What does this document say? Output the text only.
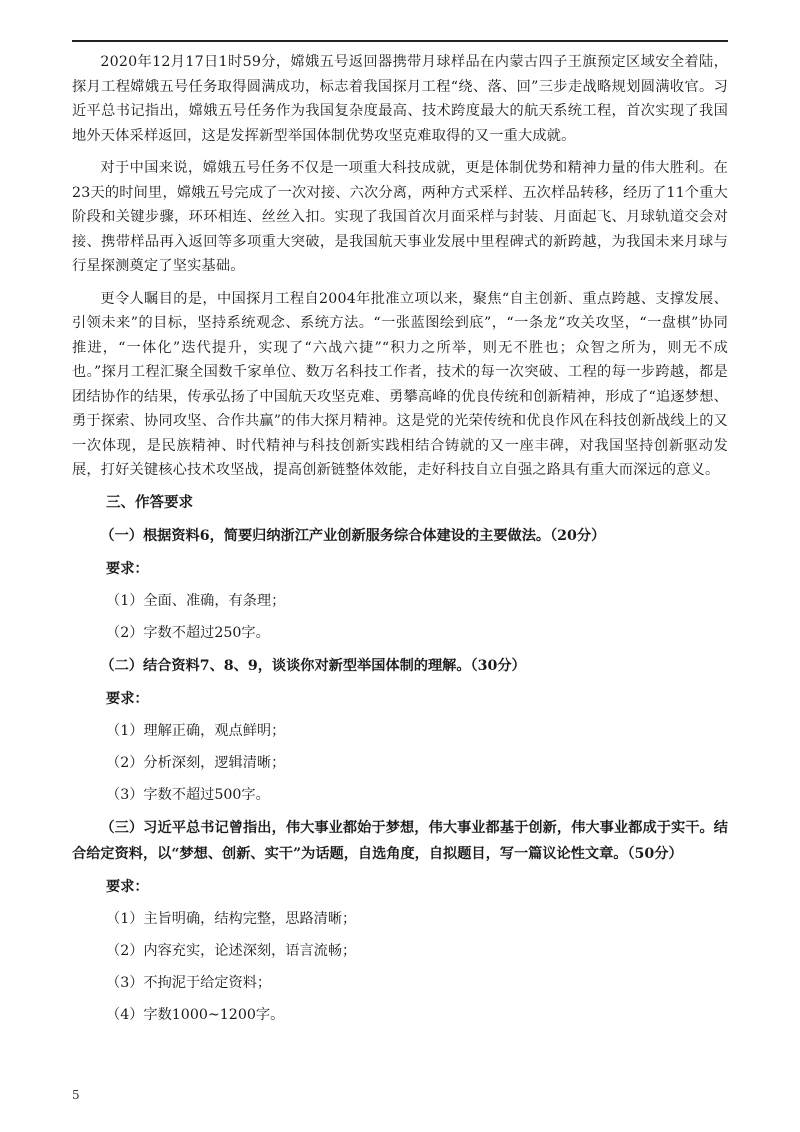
2020年12月17日1时59分，嫦娥五号返回器携带月球样品在内蒙古四子王旗预定区域安全着陆，探月工程嫦娥五号任务取得圆满成功，标志着我国探月工程“绕、落、回”三步走战略规划圆满收官。习近平总书记指出，嫦娥五号任务作为我国复杂度最高、技术跨度最大的航天系统工程，首次实现了我国地外天体采样返回，这是发挥新型举国体制优势攻坚克难取得的又一重大成就。

对于中国来说，嫦娥五号任务不仅是一项重大科技成就，更是体制优势和精神力量的伟大胜利。在23天的时间里，嫦娥五号完成了一次对接、六次分离，两种方式采样、五次样品转移，经历了11个重大阶段和关键步骤，环环相连、丝丝入扣。实现了我国首次月面采样与封装、月面起飞、月球轨道交会对接、携带样品再入返回等多项重大突破，是我国航天事业发展中里程碑式的新跨越，为我国未来月球与行星探测奠定了坚实基础。

更令人瞩目的是，中国探月工程自2004年批准立项以来，聚焦“自主创新、重点跨越、支撑发展、引领未来”的目标，坚持系统观念、系统方法。“一张蓝图绘到底”，“一条龙”攻关攻坚，“一盘棋”协同推进，“一体化”迭代提升，实现了“六战六捷”“积力之所举，则无不胜也；众智之所为，则无不成也。”探月工程汇聚全国数千家单位、数万名科技工作者，技术的每一次突破、工程的每一步跨越，都是团结协作的结果，传承弘扬了中国航天攻坚克难、勇攀高峰的优良传统和创新精神，形成了“追逐梦想、勇于探索、协同攻坚、合作共赢”的伟大探月精神。这是党的光荣传统和优良作风在科技创新战线上的又一次体现，是民族精神、时代精神与科技创新实践相结合铸就的又一座丰碑，对我国坚持创新驱动发展，打好关键核心技术攻坚战，提高创新链整体效能，走好科技自立自强之路具有重大而深远的意义。

三、作答要求
（一）根据资料6，简要归纳浙江产业创新服务综合体建设的主要做法。（20分）
要求：
（1）全面、准确，有条理；
（2）字数不超过250字。
（二）结合资料7、8、9，谈谈你对新型举国体制的理解。（30分）
要求：
（1）理解正确，观点鲜明；
（2）分析深刻，逻辑清晰；
（3）字数不超过500字。
（三）习近平总书记曾指出，伟大事业都始于梦想，伟大事业都基于创新，伟大事业都成于实干。结合给定资料，以“梦想、创新、实干”为话题，自选角度，自拟题目，写一篇议论性文章。（50分）
要求：
（1）主旨明确，结构完整，思路清晰；
（2）内容充实，论述深刻，语言流畅；
（3）不拘泥于给定资料；
（4）字数1000~1200字。
5
